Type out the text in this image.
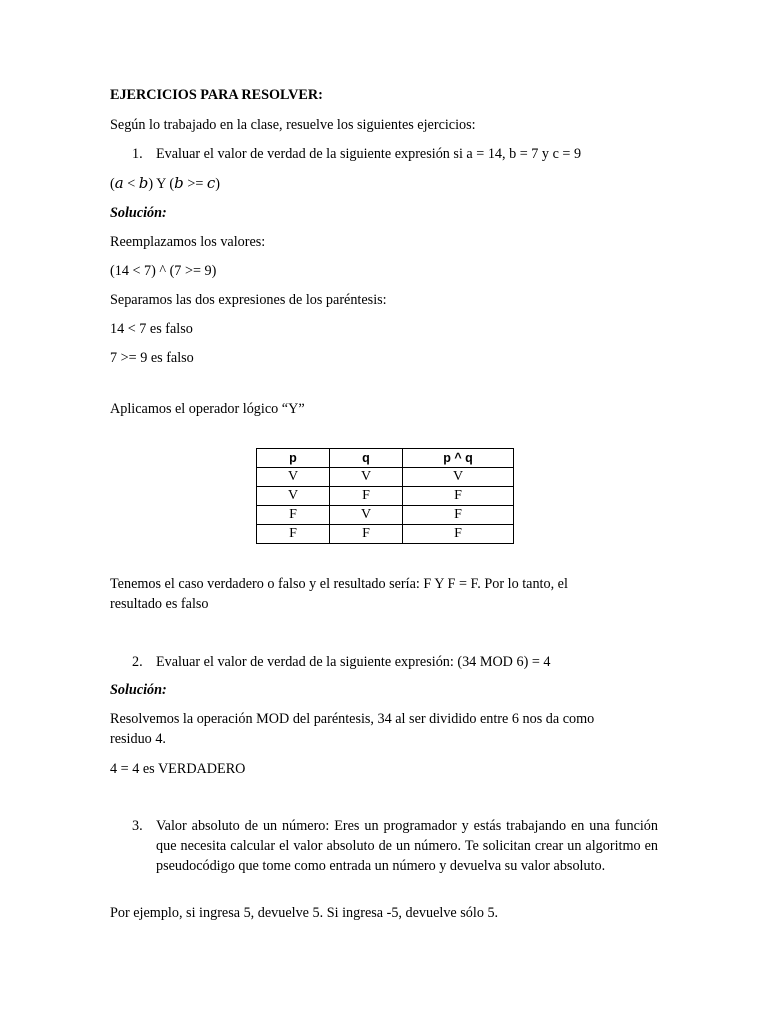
EJERCICIOS PARA RESOLVER:
Según lo trabajado en la clase, resuelve los siguientes ejercicios:
1. Evaluar el valor de verdad de la siguiente expresión si a = 14, b = 7 y c = 9
(a < b) Y (b >= c)
Solución:
Reemplazamos los valores:
(14 < 7) ^ (7 >= 9)
Separamos las dos expresiones de los paréntesis:
14 < 7 es falso
7 >= 9 es falso
Aplicamos el operador lógico “Y”
p	q	p ^ q
V	V	V
V	F	F
F	V	F
F	F	F
Tenemos el caso verdadero o falso y el resultado sería: F Y F = F. Por lo tanto, el
resultado es falso
2. Evaluar el valor de verdad de la siguiente expresión: (34 MOD 6) = 4
Solución:
Resolvemos la operación MOD del paréntesis, 34 al ser dividido entre 6 nos da como
residuo 4.
4 = 4 es VERDADERO
3. Valor absoluto de un número: Eres un programador y estás trabajando en una función que necesita calcular el valor absoluto de un número. Te solicitan crear un algoritmo en pseudocódigo que tome como entrada un número y devuelva su valor absoluto.
Por ejemplo, si ingresa 5, devuelve 5. Si ingresa -5, devuelve sólo 5.
